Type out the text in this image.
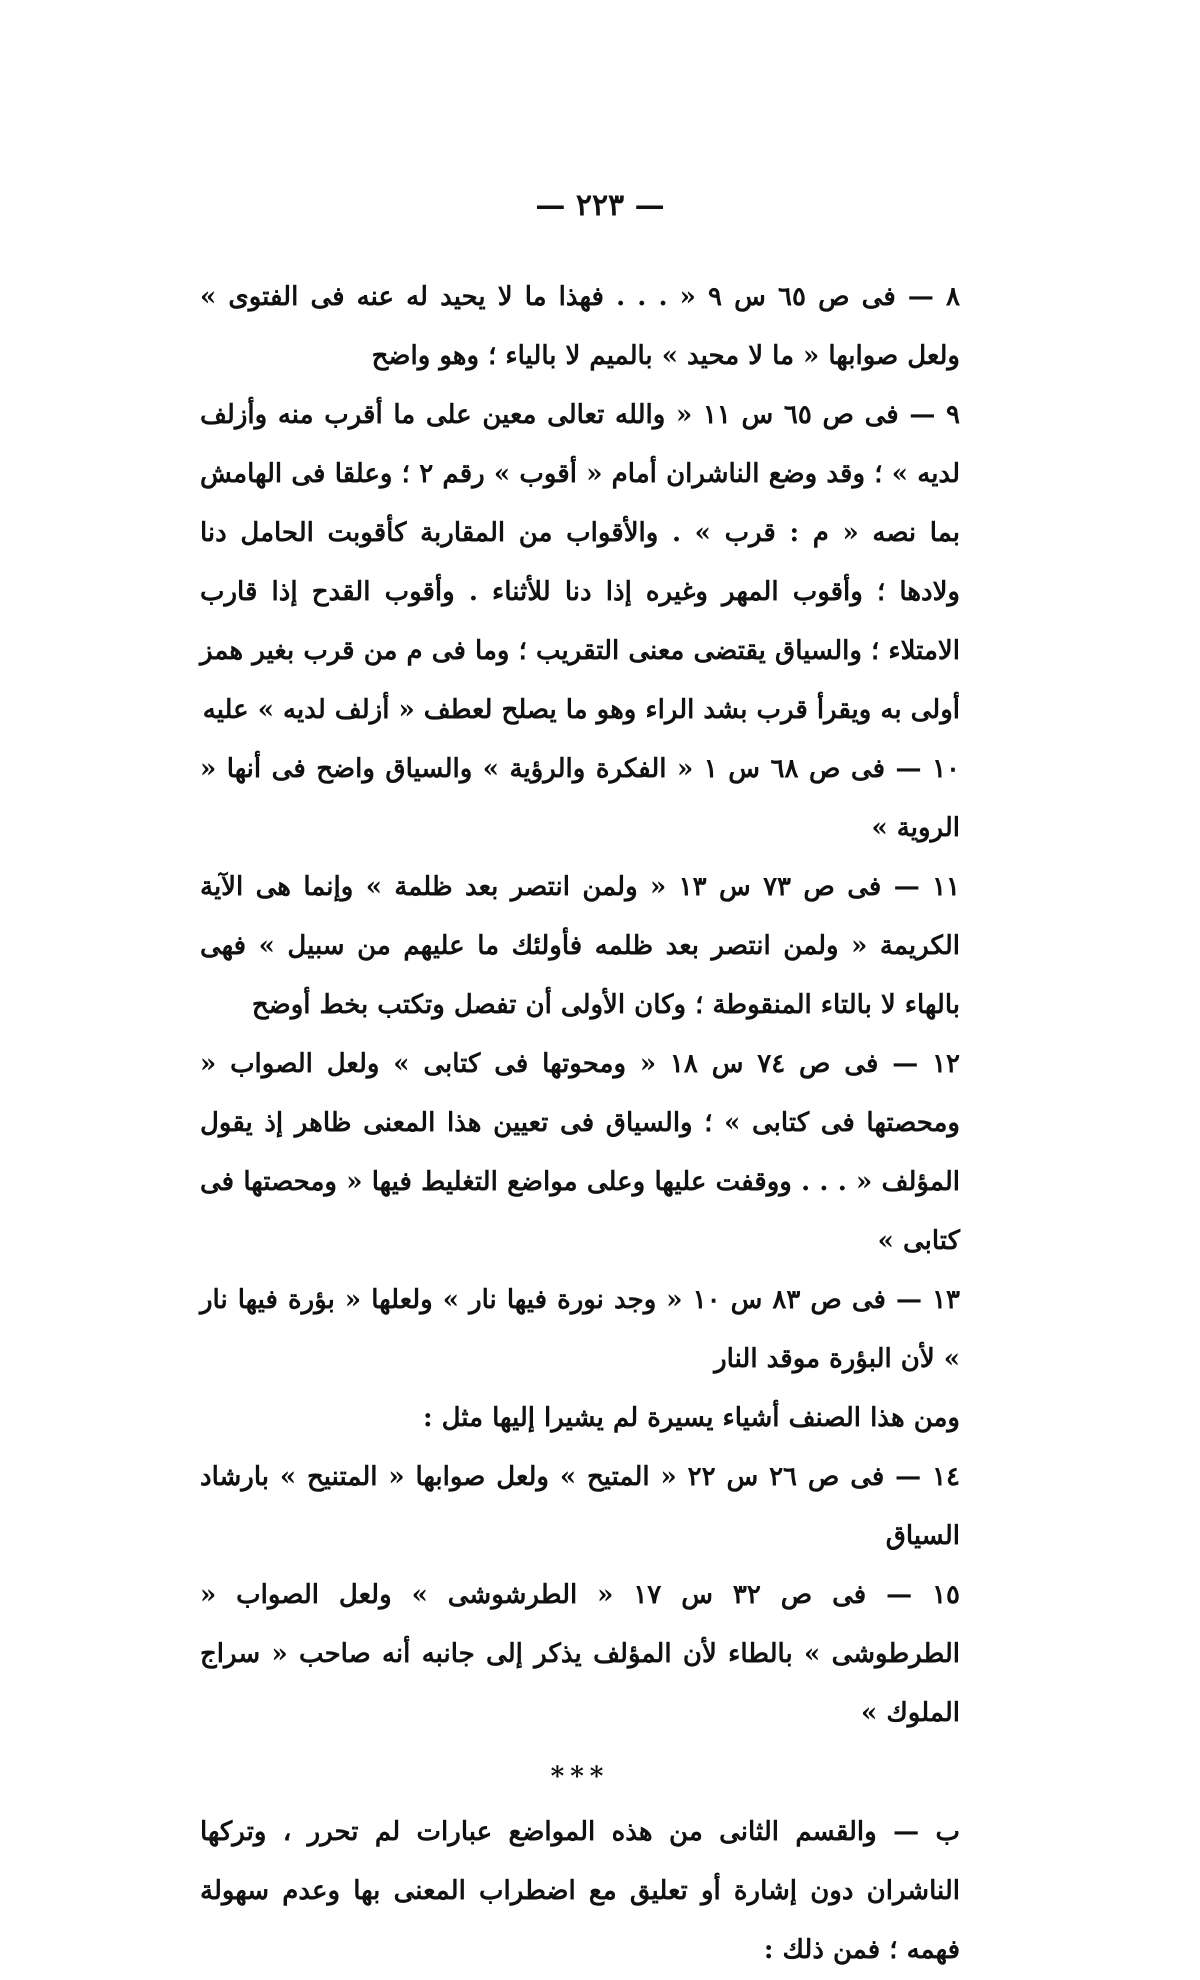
— ٢٢٣ —

٨ — فى ص ٦٥ س ٩ « . . . فهذا ما لا يحيد له عنه فى الفتوى » ولعل صوابها « ما لا محيد » بالميم لا بالياء ؛ وهو واضح

٩ — فى ص ٦٥ س ١١ « والله تعالى معين على ما أقرب منه وأزلف لديه » ؛ وقد وضع الناشران أمام « أقوب » رقم ٢ ؛ وعلقا فى الهامش بما نصه « م : قرب » . والأقواب من المقاربة كأقوبت الحامل دنا ولادها ؛ وأقوب المهر وغيره إذا دنا للأثناء . وأقوب القدح إذا قارب الامتلاء ؛ والسياق يقتضى معنى التقريب ؛ وما فى م من قرب بغير همز أولى به ويقرأ قرب بشد الراء وهو ما يصلح لعطف « أزلف لديه » عليه

١٠ — فى ص ٦٨ س ١ « الفكرة والرؤية » والسياق واضح فى أنها « الروية »

١١ — فى ص ٧٣ س ١٣ « ولمن انتصر بعد ظلمة » وإنما هى الآية الكريمة « ولمن انتصر بعد ظلمه فأولئك ما عليهم من سبيل » فهى بالهاء لا بالتاء المنقوطة ؛ وكان الأولى أن تفصل وتكتب بخط أوضح

١٢ — فى ص ٧٤ س ١٨ « ومحوتها فى كتابى » ولعل الصواب « ومحصتها فى كتابى » ؛ والسياق فى تعيين هذا المعنى ظاهر إذ يقول المؤلف « . . . ووقفت عليها وعلى مواضع التغليط فيها « ومحصتها فى كتابى »

١٣ — فى ص ٨٣ س ١٠ « وجد نورة فيها نار » ولعلها « بؤرة فيها نار » لأن البؤرة موقد النار

ومن هذا الصنف أشياء يسيرة لم يشيرا إليها مثل :

١٤ — فى ص ٢٦ س ٢٢ « المتيح » ولعل صوابها « المتنيح » بارشاد السياق

١٥ — فى ص ٣٢ س ١٧ « الطرشوشى » ولعل الصواب « الطرطوشى » بالطاء لأن المؤلف يذكر إلى جانبه أنه صاحب « سراج الملوك »

***

ب — والقسم الثانى من هذه المواضع عبارات لم تحرر ، وتركها الناشران دون إشارة أو تعليق مع اضطراب المعنى بها وعدم سهولة فهمه ؛ فمن ذلك :
